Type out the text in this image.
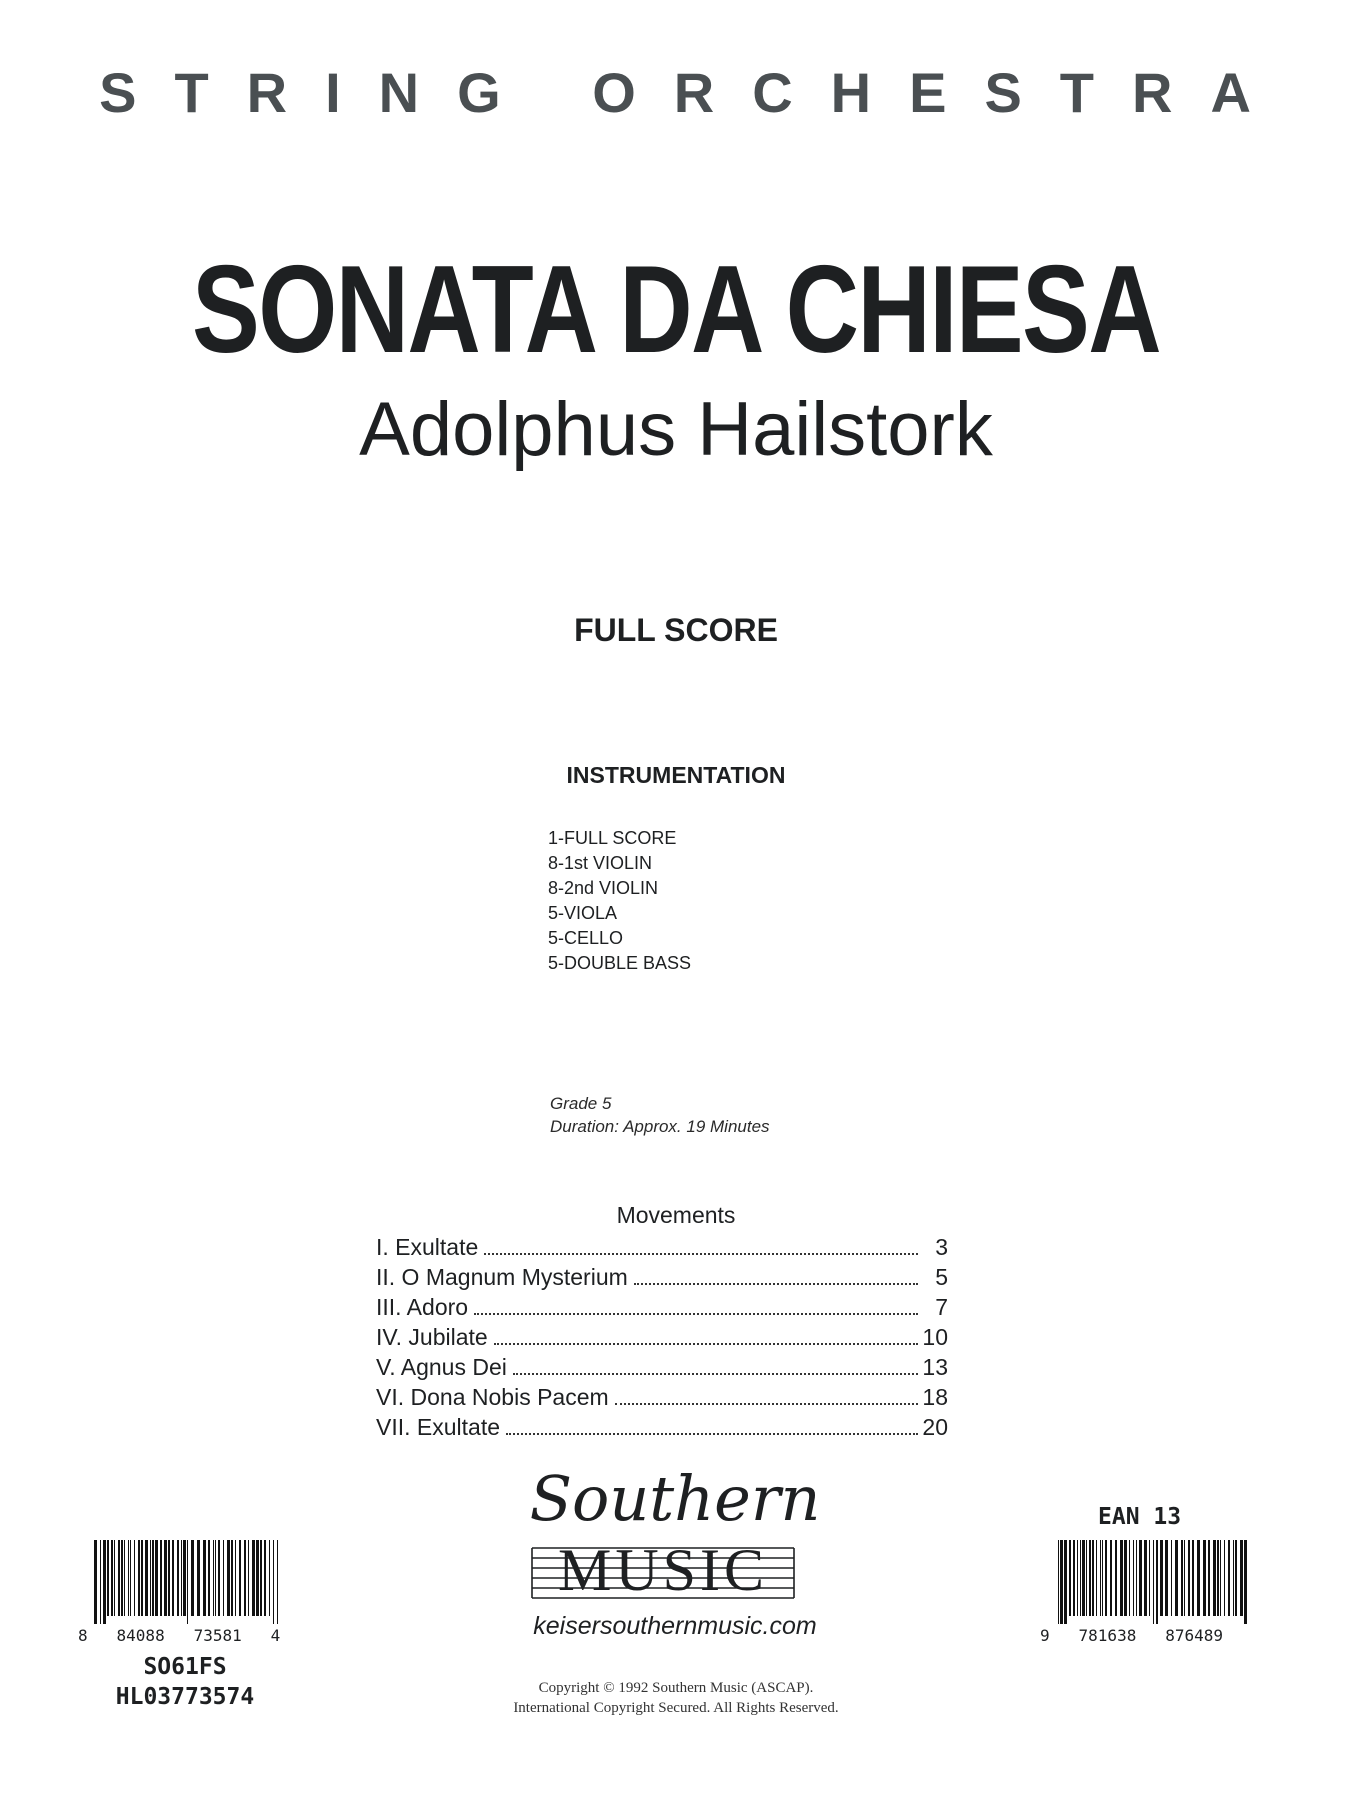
STRING ORCHESTRA
SONATA DA CHIESA
Adolphus Hailstork
FULL SCORE
INSTRUMENTATION
1-FULL SCORE
8-1st VIOLIN
8-2nd VIOLIN
5-VIOLA
5-CELLO
5-DOUBLE BASS
Grade 5
Duration: Approx. 19 Minutes
Movements
I. Exultate	3
II. O Magnum Mysterium	5
III. Adoro	7
IV. Jubilate	10
V. Agnus Dei	13
VI. Dona Nobis Pacem	18
VII. Exultate	20
Southern
MUSIC
keisersouthernmusic.com
Copyright © 1992 Southern Music (ASCAP).
International Copyright Secured. All Rights Reserved.
8   84088   73581   4
SO61FS
HL03773574
EAN 13
9   781638   876489
